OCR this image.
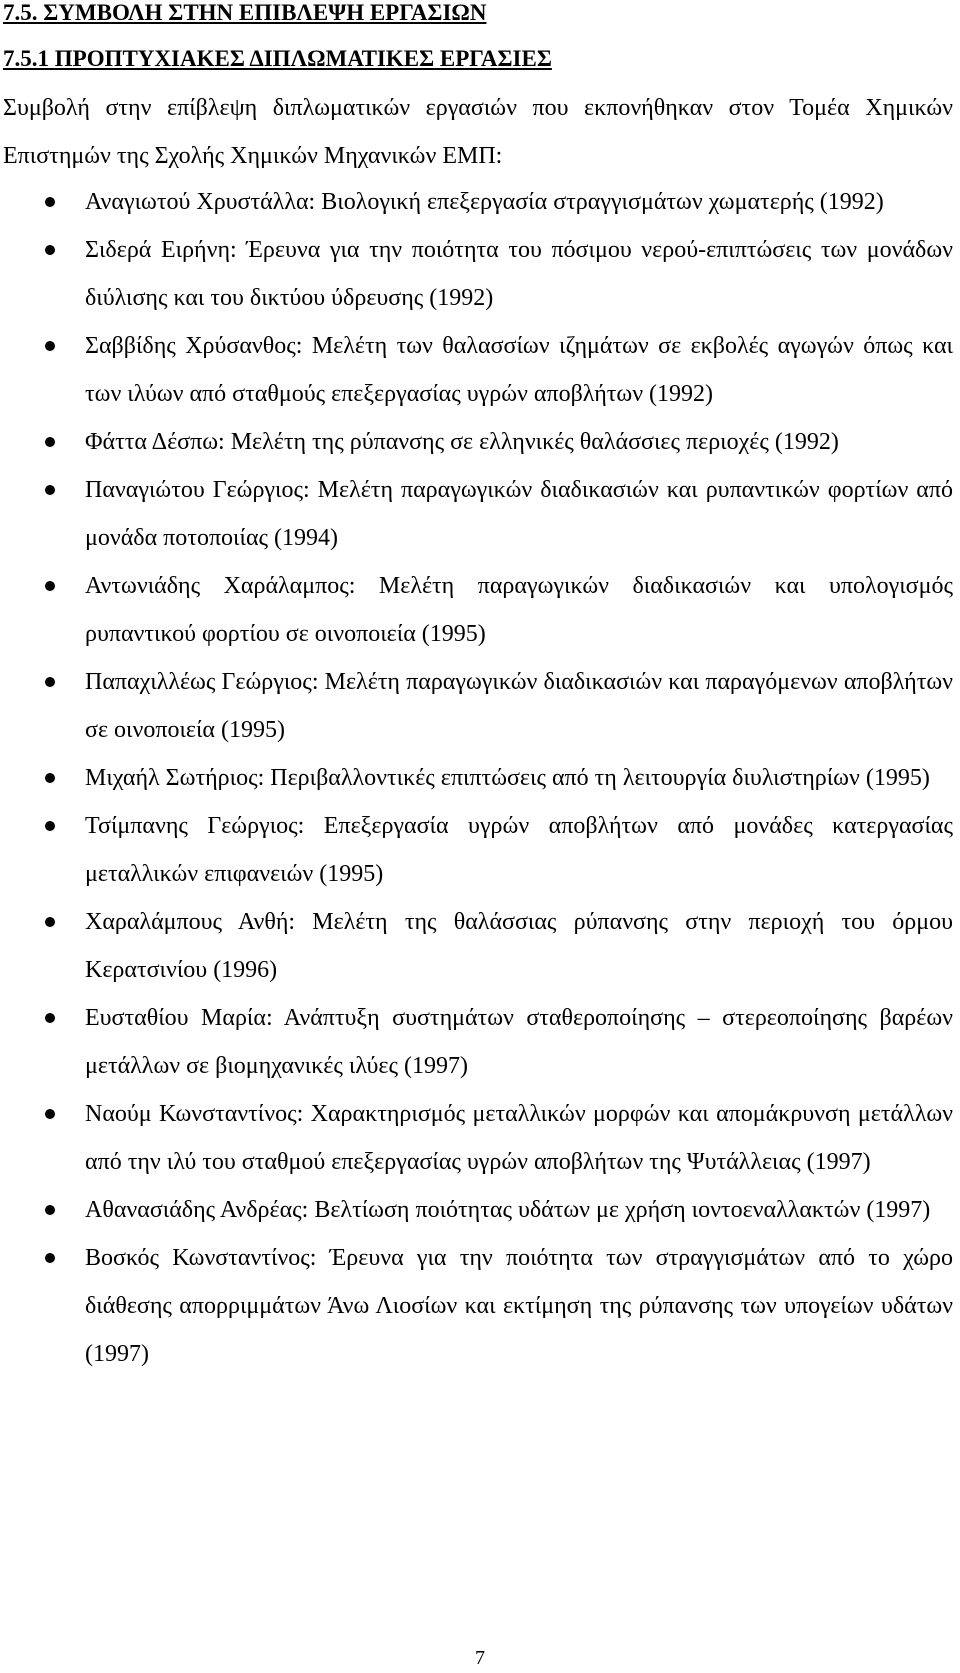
7.5. ΣΥΜΒΟΛΗ ΣΤΗΝ ΕΠΙΒΛΕΨΗ ΕΡΓΑΣΙΩΝ
7.5.1 ΠΡΟΠΤΥΧΙΑΚΕΣ ΔΙΠΛΩΜΑΤΙΚΕΣ ΕΡΓΑΣΙΕΣ

Συμβολή στην επίβλεψη διπλωματικών εργασιών που εκπονήθηκαν στον Τομέα Χημικών Επιστημών της Σχολής Χημικών Μηχανικών ΕΜΠ:

Αναγιωτού Χρυστάλλα: Βιολογική επεξεργασία στραγγισμάτων χωματερής (1992)
Σιδερά Ειρήνη: Έρευνα για την ποιότητα του πόσιμου νερού-επιπτώσεις των μονάδων διύλισης και του δικτύου ύδρευσης (1992)
Σαββίδης Χρύσανθος: Μελέτη των θαλασσίων ιζημάτων σε εκβολές αγωγών όπως και των ιλύων από σταθμούς επεξεργασίας υγρών αποβλήτων (1992)
Φάττα Δέσπω: Μελέτη της ρύπανσης σε ελληνικές θαλάσσιες περιοχές (1992)
Παναγιώτου Γεώργιος: Μελέτη παραγωγικών διαδικασιών και ρυπαντικών φορτίων από μονάδα ποτοποιίας (1994)
Αντωνιάδης Χαράλαμπος: Μελέτη παραγωγικών διαδικασιών και υπολογισμός ρυπαντικού φορτίου σε οινοποιεία (1995)
Παπαχιλλέως Γεώργιος: Μελέτη παραγωγικών διαδικασιών και παραγόμενων αποβλήτων σε οινοποιεία (1995)
Μιχαήλ Σωτήριος: Περιβαλλοντικές επιπτώσεις από τη λειτουργία διυλιστηρίων (1995)
Τσίμπανης Γεώργιος: Επεξεργασία υγρών αποβλήτων από μονάδες κατεργασίας μεταλλικών επιφανειών (1995)
Χαραλάμπους Ανθή: Μελέτη της θαλάσσιας ρύπανσης στην περιοχή του όρμου Κερατσινίου (1996)
Ευσταθίου Μαρία: Ανάπτυξη συστημάτων σταθεροποίησης – στερεοποίησης βαρέων μετάλλων σε βιομηχανικές ιλύες (1997)
Ναούμ Κωνσταντίνος: Χαρακτηρισμός μεταλλικών μορφών και απομάκρυνση μετάλλων από την ιλύ του σταθμού επεξεργασίας υγρών αποβλήτων της Ψυτάλλειας (1997)
Αθανασιάδης Ανδρέας: Βελτίωση ποιότητας υδάτων με χρήση ιοντοεναλλακτών (1997)
Βοσκός Κωνσταντίνος: Έρευνα για την ποιότητα των στραγγισμάτων από το χώρο διάθεσης απορριμμάτων Άνω Λιοσίων και εκτίμηση της ρύπανσης των υπογείων υδάτων (1997)
7
